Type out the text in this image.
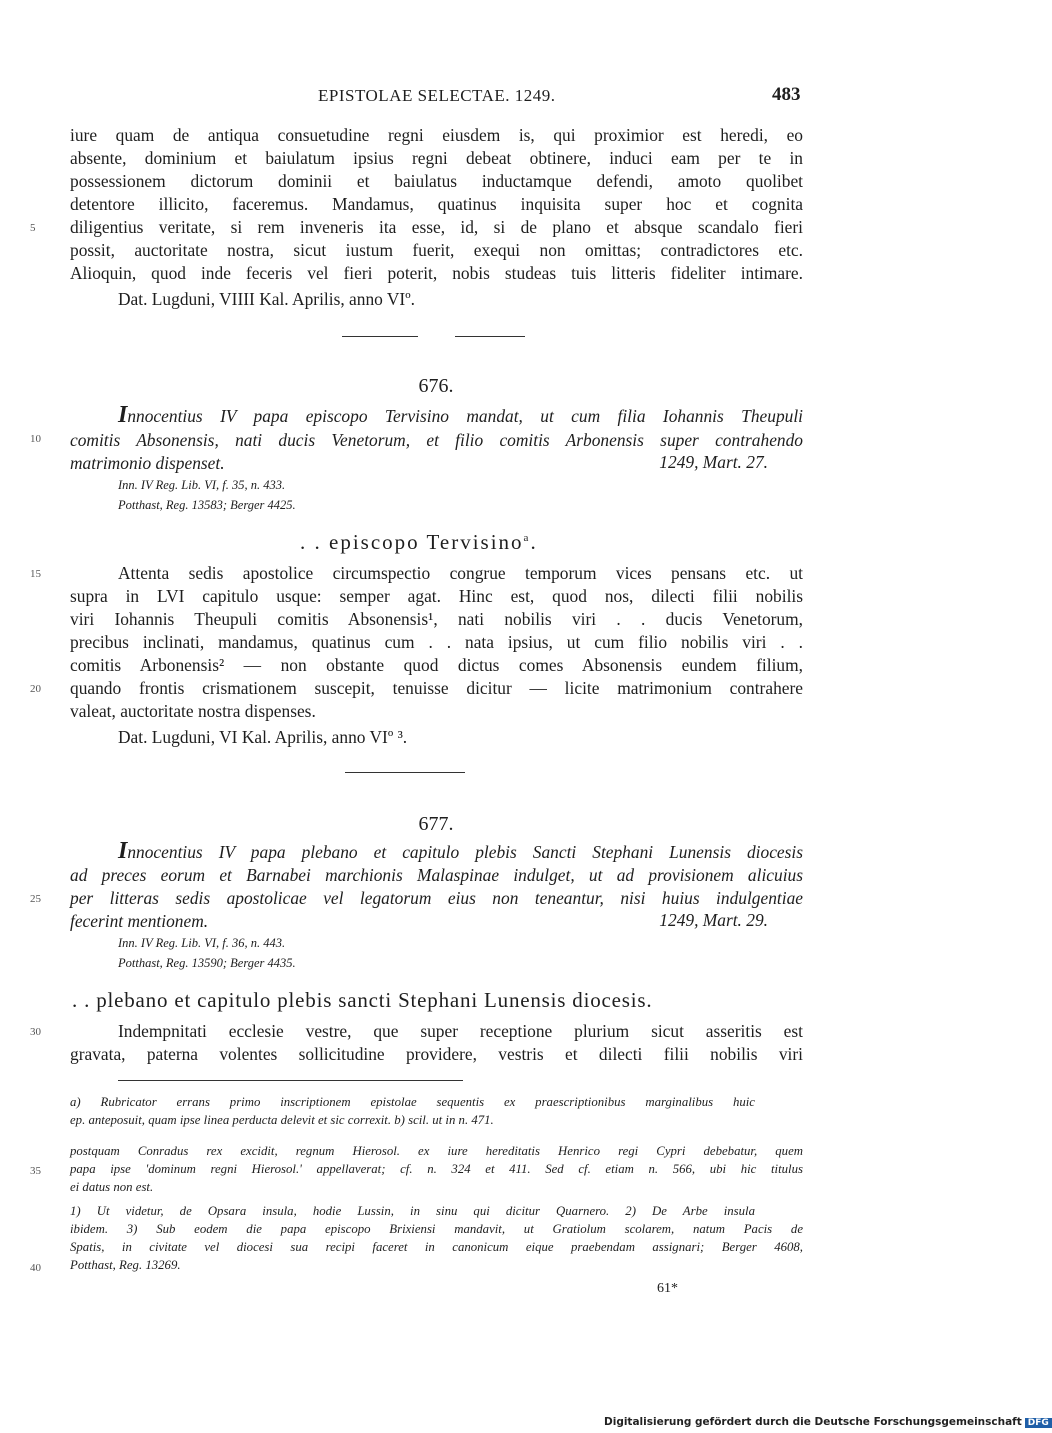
EPISTOLAE SELECTAE. 1249.	483
iure quam de antiqua consuetudine regni eiusdem is, qui proximior est heredi, eo
absente, dominium et baiulatum ipsius regni debeat obtinere, induci eam per te in
possessionem dictorum dominii et baiulatus inductamque defendi, amoto quolibet
detentore illicito, faceremus. Mandamus, quatinus inquisita super hoc et cognita
diligentius veritate, si rem inveneris ita esse, id, si de plano et absque scandalo fieri
possit, auctoritate nostra, sicut iustum fuerit, exequi non omittas; contradictores etc.
Alioquin, quod inde feceris vel fieri poterit, nobis studeas tuis litteris fideliter intimare.
Dat. Lugduni, VIIII Kal. Aprilis, anno VIº.
5
676.
Innocentius IV papa episcopo Tervisino mandat, ut cum filia Iohannis Theupuli
comitis Absonensis, nati ducis Venetorum, et filio comitis Arbonensis super contrahendo
matrimonio dispenset.	1249, Mart. 27.
10
Inn. IV Reg. Lib. VI, f. 35, n. 433.
Potthast, Reg. 13583; Berger 4425.
. . episcopo Tervisino$^a$.
Attenta sedis apostolice circumspectio congrue temporum vices pensans etc. ut
supra in LVI capitulo usque: semper agat. Hinc est, quod nos, dilecti filii nobilis
viri Iohannis Theupuli comitis Absonensis¹, nati nobilis viri . . ducis Venetorum,
precibus inclinati, mandamus, quatinus cum . . nata ipsius, ut cum filio nobilis viri . .
comitis Arbonensis² — non obstante quod dictus comes Absonensis eundem filium,
quando frontis crismationem suscepit, tenuisse dicitur — licite matrimonium contrahere
valeat, auctoritate nostra dispenses.
Dat. Lugduni, VI Kal. Aprilis, anno VIº ³.
15
20
677.
Innocentius IV papa plebano et capitulo plebis Sancti Stephani Lunensis diocesis
ad preces eorum et Barnabei marchionis Malaspinae indulget, ut ad provisionem alicuius
per litteras sedis apostolicae vel legatorum eius non teneantur, nisi huius indulgentiae
fecerint mentionem.	1249, Mart. 29.
25
Inn. IV Reg. Lib. VI, f. 36, n. 443.
Potthast, Reg. 13590; Berger 4435.
. . plebano et capitulo plebis sancti Stephani Lunensis diocesis.
Indempnitati ecclesie vestre, que super receptione plurium sicut asseritis est
gravata, paterna volentes sollicitudine providere, vestris et dilecti filii nobilis viri
30
a) Rubricator errans primo inscriptionem epistolae sequentis ex praescriptionibus marginalibus huic
ep. anteposuit, quam ipse linea perducta delevit et sic correxit. b) scil. ut in n. 471.
postquam Conradus rex excidit, regnum Hierosol. ex iure hereditatis Henrico regi Cypri debebatur, quem
papa ipse 'dominum regni Hierosol.' appellaverat; cf. n. 324 et 411. Sed cf. etiam n. 566, ubi hic titulus
ei datus non est.
35
1) Ut videtur, de Opsara insula, hodie Lussin, in sinu qui dicitur Quarnero. 2) De Arbe insula
ibidem. 3) Sub eodem die papa episcopo Brixiensi mandavit, ut Gratiolum scolarem, natum Pacis de
Spatis, in civitate vel diocesi sua recipi faceret in canonicum eique praebendam assignari; Berger 4608,
Potthast, Reg. 13269.
40
61*
Digitalisierung gefördert durch die Deutsche Forschungsgemeinschaft DFG
